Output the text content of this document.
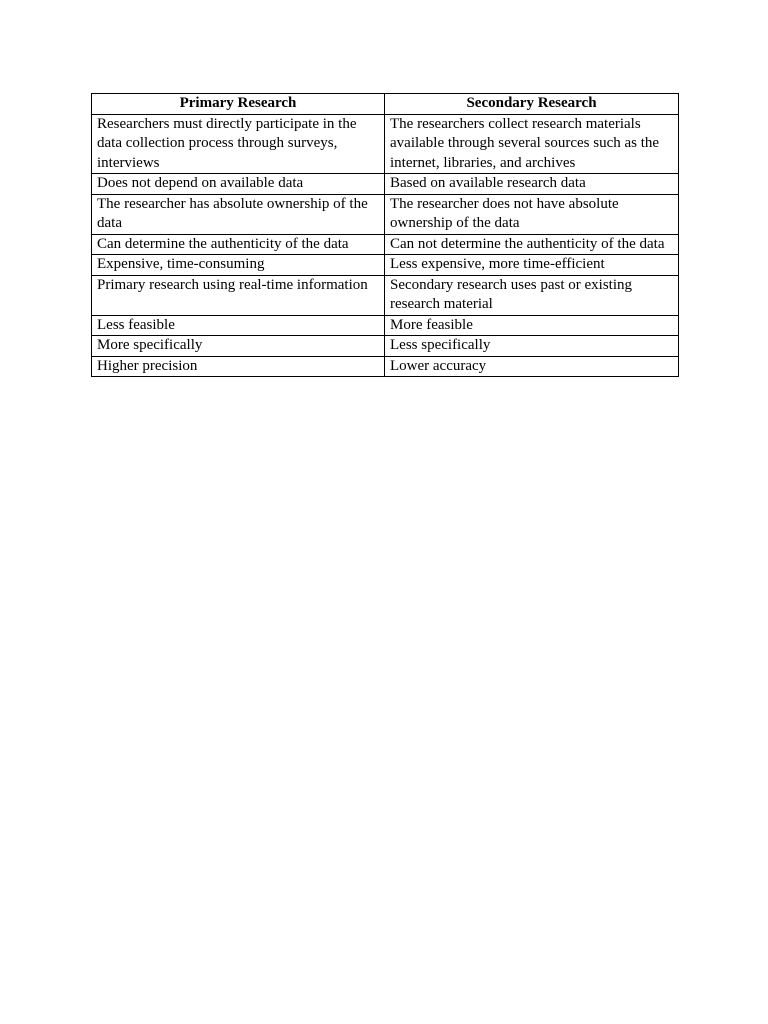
Primary Research	Secondary Research
Researchers must directly participate in the data collection process through surveys, interviews	The researchers collect research materials available through several sources such as the internet, libraries, and archives
Does not depend on available data	Based on available research data
The researcher has absolute ownership of the data	The researcher does not have absolute ownership of the data
Can determine the authenticity of the data	Can not determine the authenticity of the data
Expensive, time-consuming	Less expensive, more time-efficient
Primary research using real-time information	Secondary research uses past or existing research material
Less feasible	More feasible
More specifically	Less specifically
Higher precision	Lower accuracy
